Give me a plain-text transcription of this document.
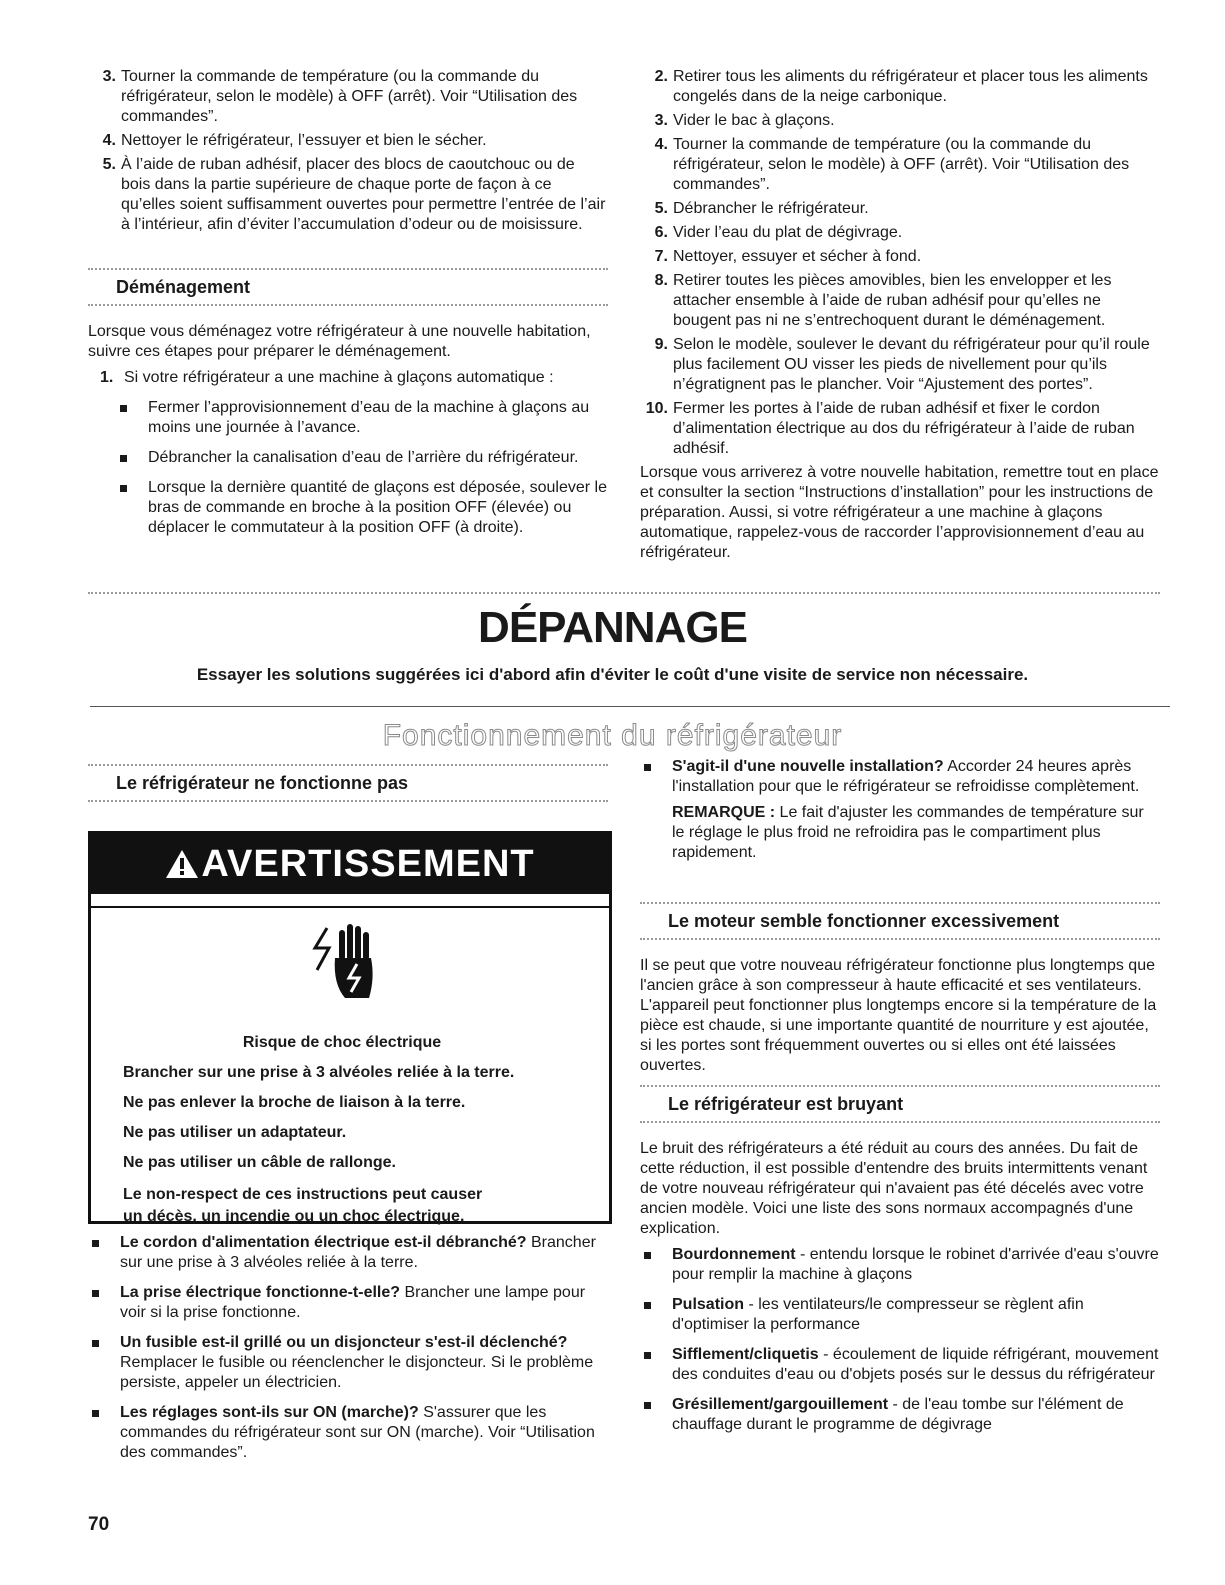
3. Tourner la commande de température (ou la commande du réfrigérateur, selon le modèle) à OFF (arrêt). Voir “Utilisation des commandes”.
4. Nettoyer le réfrigérateur, l’essuyer et bien le sécher.
5. À l’aide de ruban adhésif, placer des blocs de caoutchouc ou de bois dans la partie supérieure de chaque porte de façon à ce qu’elles soient suffisamment ouvertes pour permettre l’entrée de l’air à l’intérieur, afin d’éviter l’accumulation d’odeur ou de moisissure.
Déménagement

Lorsque vous déménagez votre réfrigérateur à une nouvelle habitation, suivre ces étapes pour préparer le déménagement.

1. Si votre réfrigérateur a une machine à glaçons automatique :
Fermer l’approvisionnement d’eau de la machine à glaçons au moins une journée à l’avance.
Débrancher la canalisation d’eau de l’arrière du réfrigérateur.
Lorsque la dernière quantité de glaçons est déposée, soulever le bras de commande en broche à la position OFF (élevée) ou déplacer le commutateur à la position OFF (à droite).
2. Retirer tous les aliments du réfrigérateur et placer tous les aliments congelés dans de la neige carbonique.
3. Vider le bac à glaçons.
4. Tourner la commande de température (ou la commande du réfrigérateur, selon le modèle) à OFF (arrêt). Voir “Utilisation des commandes”.
5. Débrancher le réfrigérateur.
6. Vider l’eau du plat de dégivrage.
7. Nettoyer, essuyer et sécher à fond.
8. Retirer toutes les pièces amovibles, bien les envelopper et les attacher ensemble à l’aide de ruban adhésif pour qu’elles ne bougent pas ni ne s’entrechoquent durant le déménagement.
9. Selon le modèle, soulever le devant du réfrigérateur pour qu’il roule plus facilement OU visser les pieds de nivellement pour qu’ils n’égratignent pas le plancher. Voir “Ajustement des portes”.
10. Fermer les portes à l’aide de ruban adhésif et fixer le cordon d’alimentation électrique au dos du réfrigérateur à l’aide de ruban adhésif.

Lorsque vous arriverez à votre nouvelle habitation, remettre tout en place et consulter la section “Instructions d’installation” pour les instructions de préparation. Aussi, si votre réfrigérateur a une machine à glaçons automatique, rappelez-vous de raccorder l’approvisionnement d’eau au réfrigérateur.

DÉPANNAGE

Essayer les solutions suggérées ici d'abord afin d'éviter le coût d'une visite de service non nécessaire.

Fonctionnement du réfrigérateur
Le réfrigérateur ne fonctionne pas
AVERTISSEMENT
Risque de choc électrique
Brancher sur une prise à 3 alvéoles reliée à la terre.
Ne pas enlever la broche de liaison à la terre.
Ne pas utiliser un adaptateur.
Ne pas utiliser un câble de rallonge.
Le non-respect de ces instructions peut causer
un décès, un incendie ou un choc électrique.
Le cordon d'alimentation électrique est-il débranché? Brancher sur une prise à 3 alvéoles reliée à la terre.
La prise électrique fonctionne-t-elle? Brancher une lampe pour voir si la prise fonctionne.
Un fusible est-il grillé ou un disjoncteur s'est-il déclenché? Remplacer le fusible ou réenclencher le disjoncteur. Si le problème persiste, appeler un électricien.
Les réglages sont-ils sur ON (marche)? S'assurer que les commandes du réfrigérateur sont sur ON (marche). Voir “Utilisation des commandes”.
S'agit-il d'une nouvelle installation? Accorder 24 heures après l'installation pour que le réfrigérateur se refroidisse complètement.

REMARQUE : Le fait d'ajuster les commandes de température sur le réglage le plus froid ne refroidira pas le compartiment plus rapidement.

Le moteur semble fonctionner excessivement

Il se peut que votre nouveau réfrigérateur fonctionne plus longtemps que l'ancien grâce à son compresseur à haute efficacité et ses ventilateurs. L'appareil peut fonctionner plus longtemps encore si la température de la pièce est chaude, si une importante quantité de nourriture y est ajoutée, si les portes sont fréquemment ouvertes ou si elles ont été laissées ouvertes.

Le réfrigérateur est bruyant

Le bruit des réfrigérateurs a été réduit au cours des années. Du fait de cette réduction, il est possible d'entendre des bruits intermittents venant de votre nouveau réfrigérateur qui n'avaient pas été décelés avec votre ancien modèle. Voici une liste des sons normaux accompagnés d'une explication.

Bourdonnement - entendu lorsque le robinet d'arrivée d'eau s'ouvre pour remplir la machine à glaçons
Pulsation - les ventilateurs/le compresseur se règlent afin d'optimiser la performance
Sifflement/cliquetis - écoulement de liquide réfrigérant, mouvement des conduites d'eau ou d'objets posés sur le dessus du réfrigérateur
Grésillement/gargouillement - de l'eau tombe sur l'élément de chauffage durant le programme de dégivrage
70
